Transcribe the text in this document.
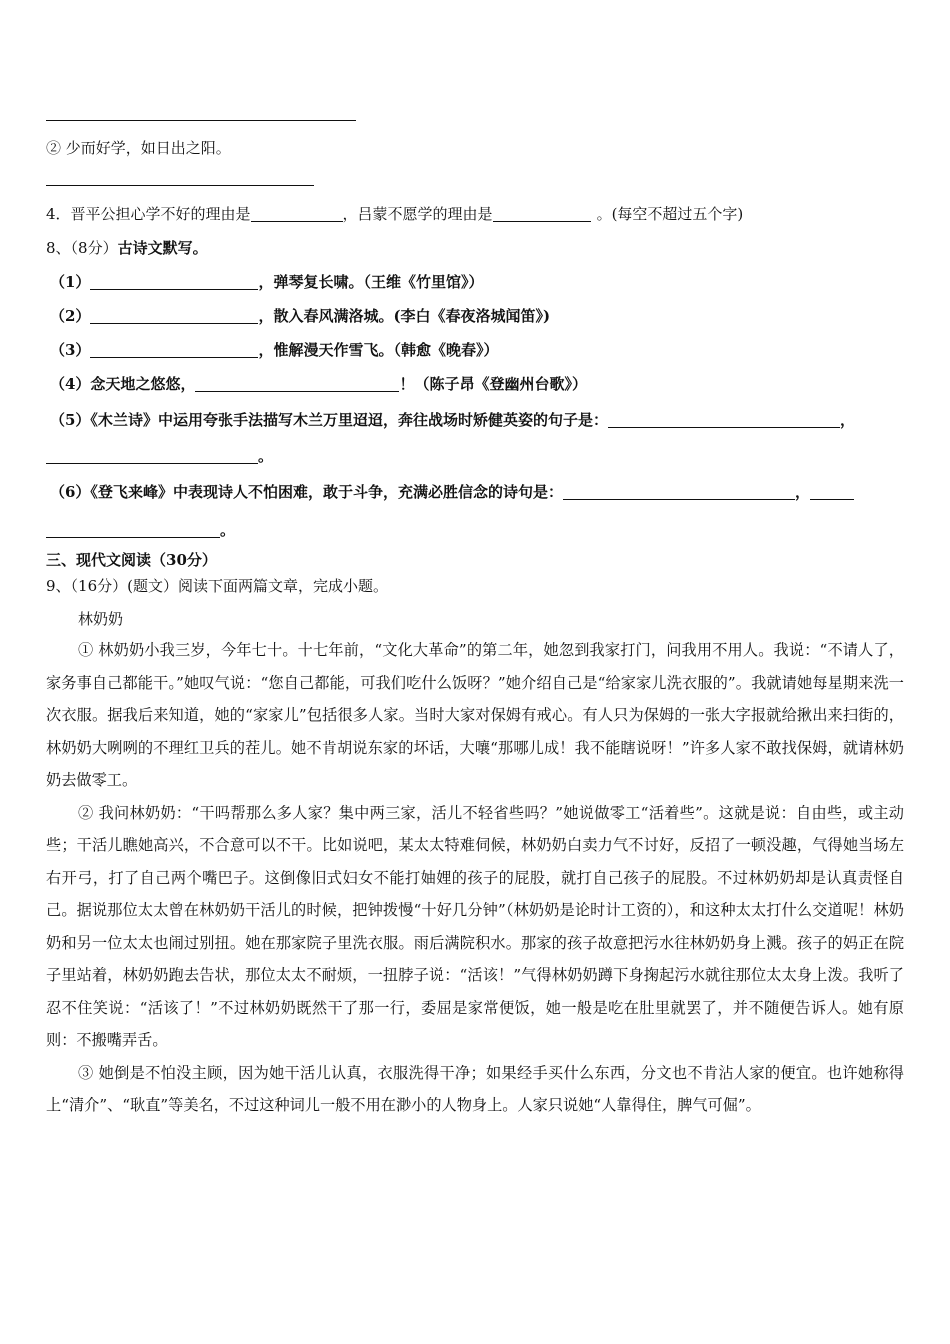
② 少而好学，如日出之阳。
4．晋平公担心学不好的理由是	，吕蒙不愿学的理由是	。(每空不超过五个字)
8、（8分）古诗文默写。
（1）	，弹琴复长啸。（王维《竹里馆》）
（2）	，散入春风满洛城。(李白《春夜洛城闻笛》)
（3）	，惟解漫天作雪飞。（韩愈《晚春》）
（4）念天地之悠悠，	！（陈子昂《登幽州台歌》）
（5）《木兰诗》中运用夸张手法描写木兰万里迢迢，奔往战场时矫健英姿的句子是：	，
。
（6）《登飞来峰》中表现诗人不怕困难，敢于斗争，充满必胜信念的诗句是：	，
。
三、现代文阅读（30分）
9、（16分）(题文）阅读下面两篇文章，完成小题。
林奶奶

① 林奶奶小我三岁，今年七十。十七年前，“文化大革命”的第二年，她忽到我家打门，问我用不用人。我说：“不请人了，家务事自己都能干。”她叹气说：“您自己都能，可我们吃什么饭呀？”她介绍自己是“给家家儿洗衣服的”。我就请她每星期来洗一次衣服。据我后来知道，她的“家家儿”包括很多人家。当时大家对保姆有戒心。有人只为保姆的一张大字报就给揪出来扫街的，林奶奶大咧咧的不理红卫兵的茬儿。她不肯胡说东家的坏话，大嚷“那哪儿成！我不能瞎说呀！”许多人家不敢找保姆，就请林奶奶去做零工。

② 我问林奶奶：“干吗帮那么多人家？集中两三家，活儿不轻省些吗？”她说做零工“活着些”。这就是说：自由些，或主动些；干活儿瞧她高兴，不合意可以不干。比如说吧，某太太特难伺候，林奶奶白卖力气不讨好，反招了一顿没趣，气得她当场左右开弓，打了自己两个嘴巴子。这倒像旧式妇女不能打妯娌的孩子的屁股，就打自己孩子的屁股。不过林奶奶却是认真责怪自己。据说那位太太曾在林奶奶干活儿的时候，把钟拨慢“十好几分钟”（林奶奶是论时计工资的），和这种太太打什么交道呢！林奶奶和另一位太太也闹过别扭。她在那家院子里洗衣服。雨后满院积水。那家的孩子故意把污水往林奶奶身上溅。孩子的妈正在院子里站着，林奶奶跑去告状，那位太太不耐烦，一扭脖子说：“活该！”气得林奶奶蹲下身掬起污水就往那位太太身上泼。我听了忍不住笑说：“活该了！”不过林奶奶既然干了那一行，委屈是家常便饭，她一般是吃在肚里就罢了，并不随便告诉人。她有原则：不搬嘴弄舌。

③ 她倒是不怕没主顾，因为她干活儿认真，衣服洗得干净；如果经手买什么东西，分文也不肯沾人家的便宜。也许她称得上“清介”、“耿直”等美名，不过这种词儿一般不用在渺小的人物身上。人家只说她“人靠得住，脾气可倔”。
